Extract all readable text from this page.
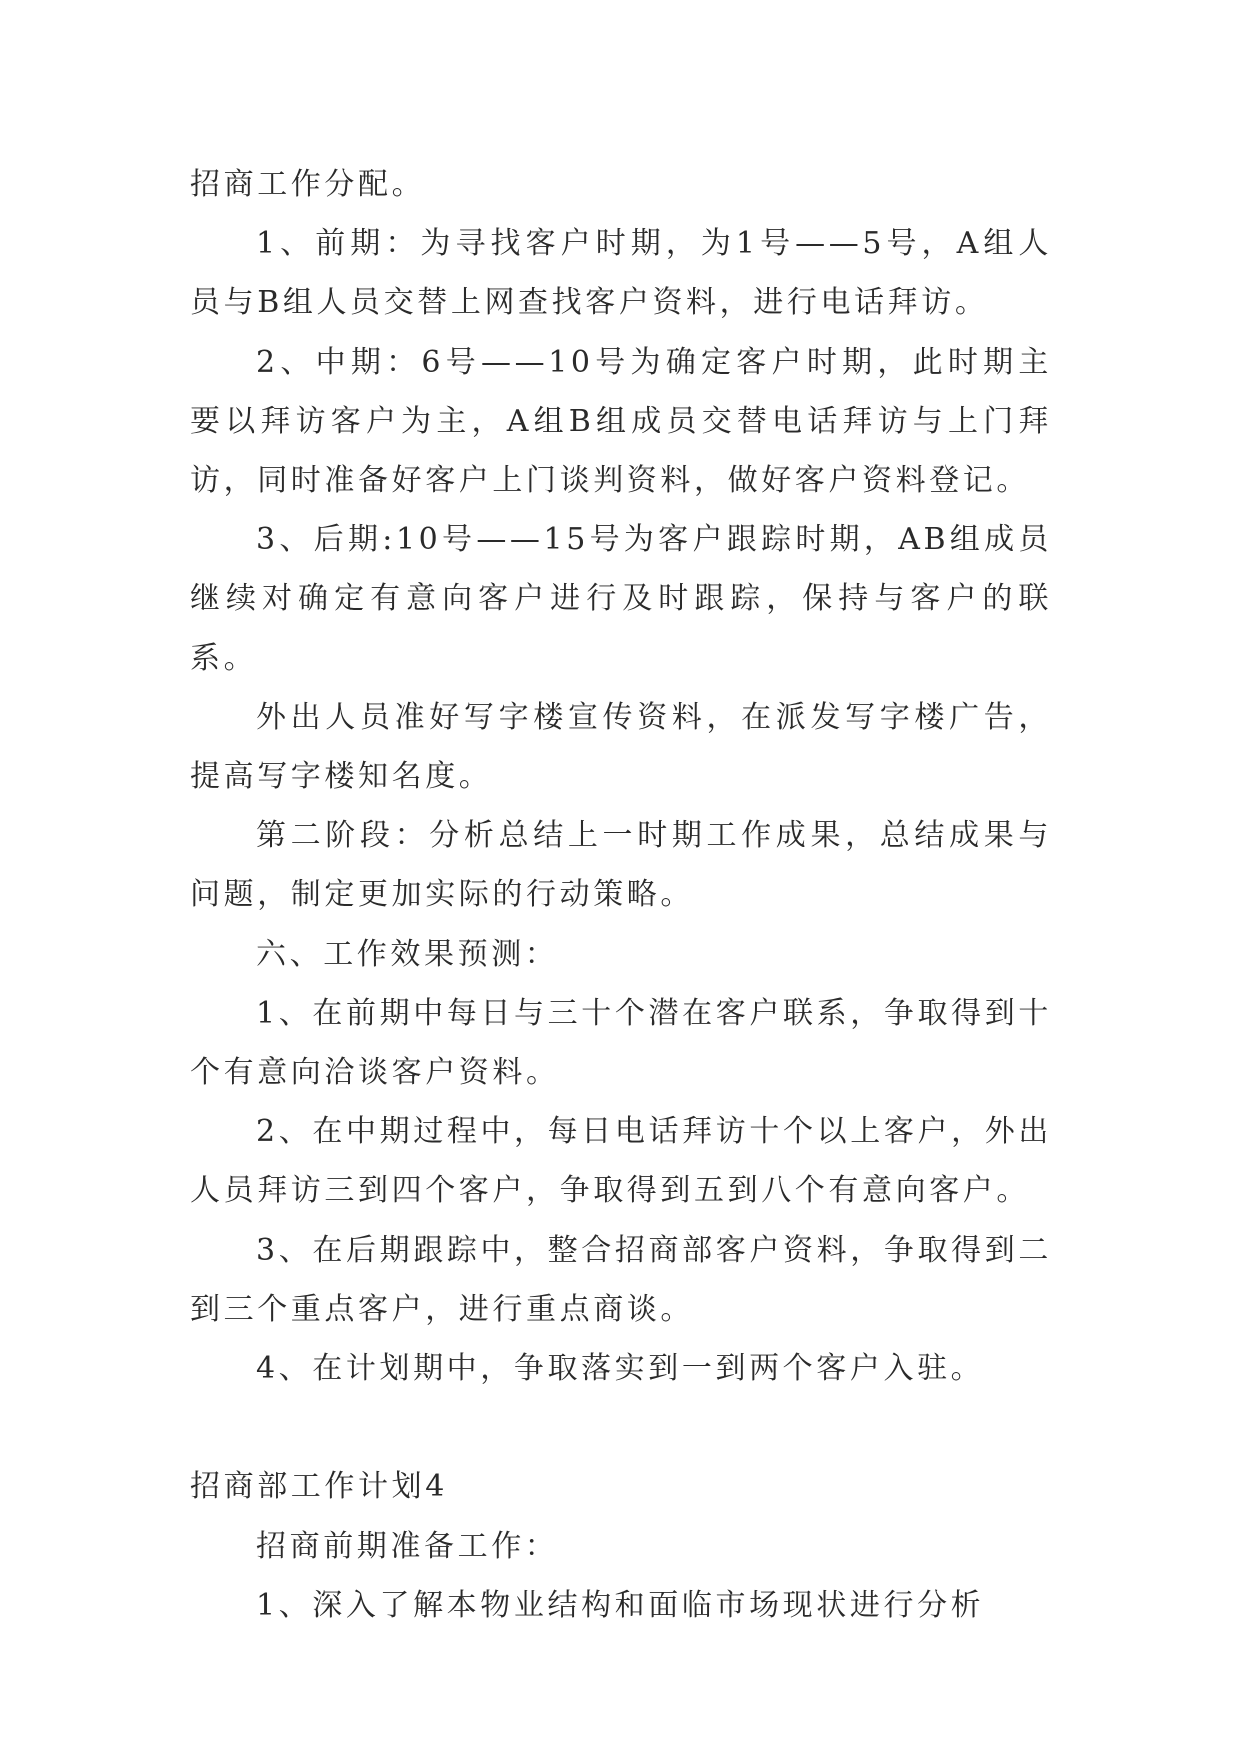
招商工作分配。

1、前期：为寻找客户时期，为1号——5号，A组人员与B组人员交替上网查找客户资料，进行电话拜访。

2、中期：6号——10号为确定客户时期，此时期主要以拜访客户为主，A组B组成员交替电话拜访与上门拜访，同时准备好客户上门谈判资料，做好客户资料登记。

3、后期:10号——15号为客户跟踪时期，AB组成员继续对确定有意向客户进行及时跟踪，保持与客户的联系。

外出人员准好写字楼宣传资料，在派发写字楼广告，提高写字楼知名度。

第二阶段：分析总结上一时期工作成果，总结成果与问题，制定更加实际的行动策略。

六、工作效果预测：

1、在前期中每日与三十个潜在客户联系，争取得到十个有意向洽谈客户资料。

2、在中期过程中，每日电话拜访十个以上客户，外出人员拜访三到四个客户，争取得到五到八个有意向客户。

3、在后期跟踪中，整合招商部客户资料，争取得到二到三个重点客户，进行重点商谈。

4、在计划期中，争取落实到一到两个客户入驻。

招商部工作计划4

招商前期准备工作：

1、深入了解本物业结构和面临市场现状进行分析
